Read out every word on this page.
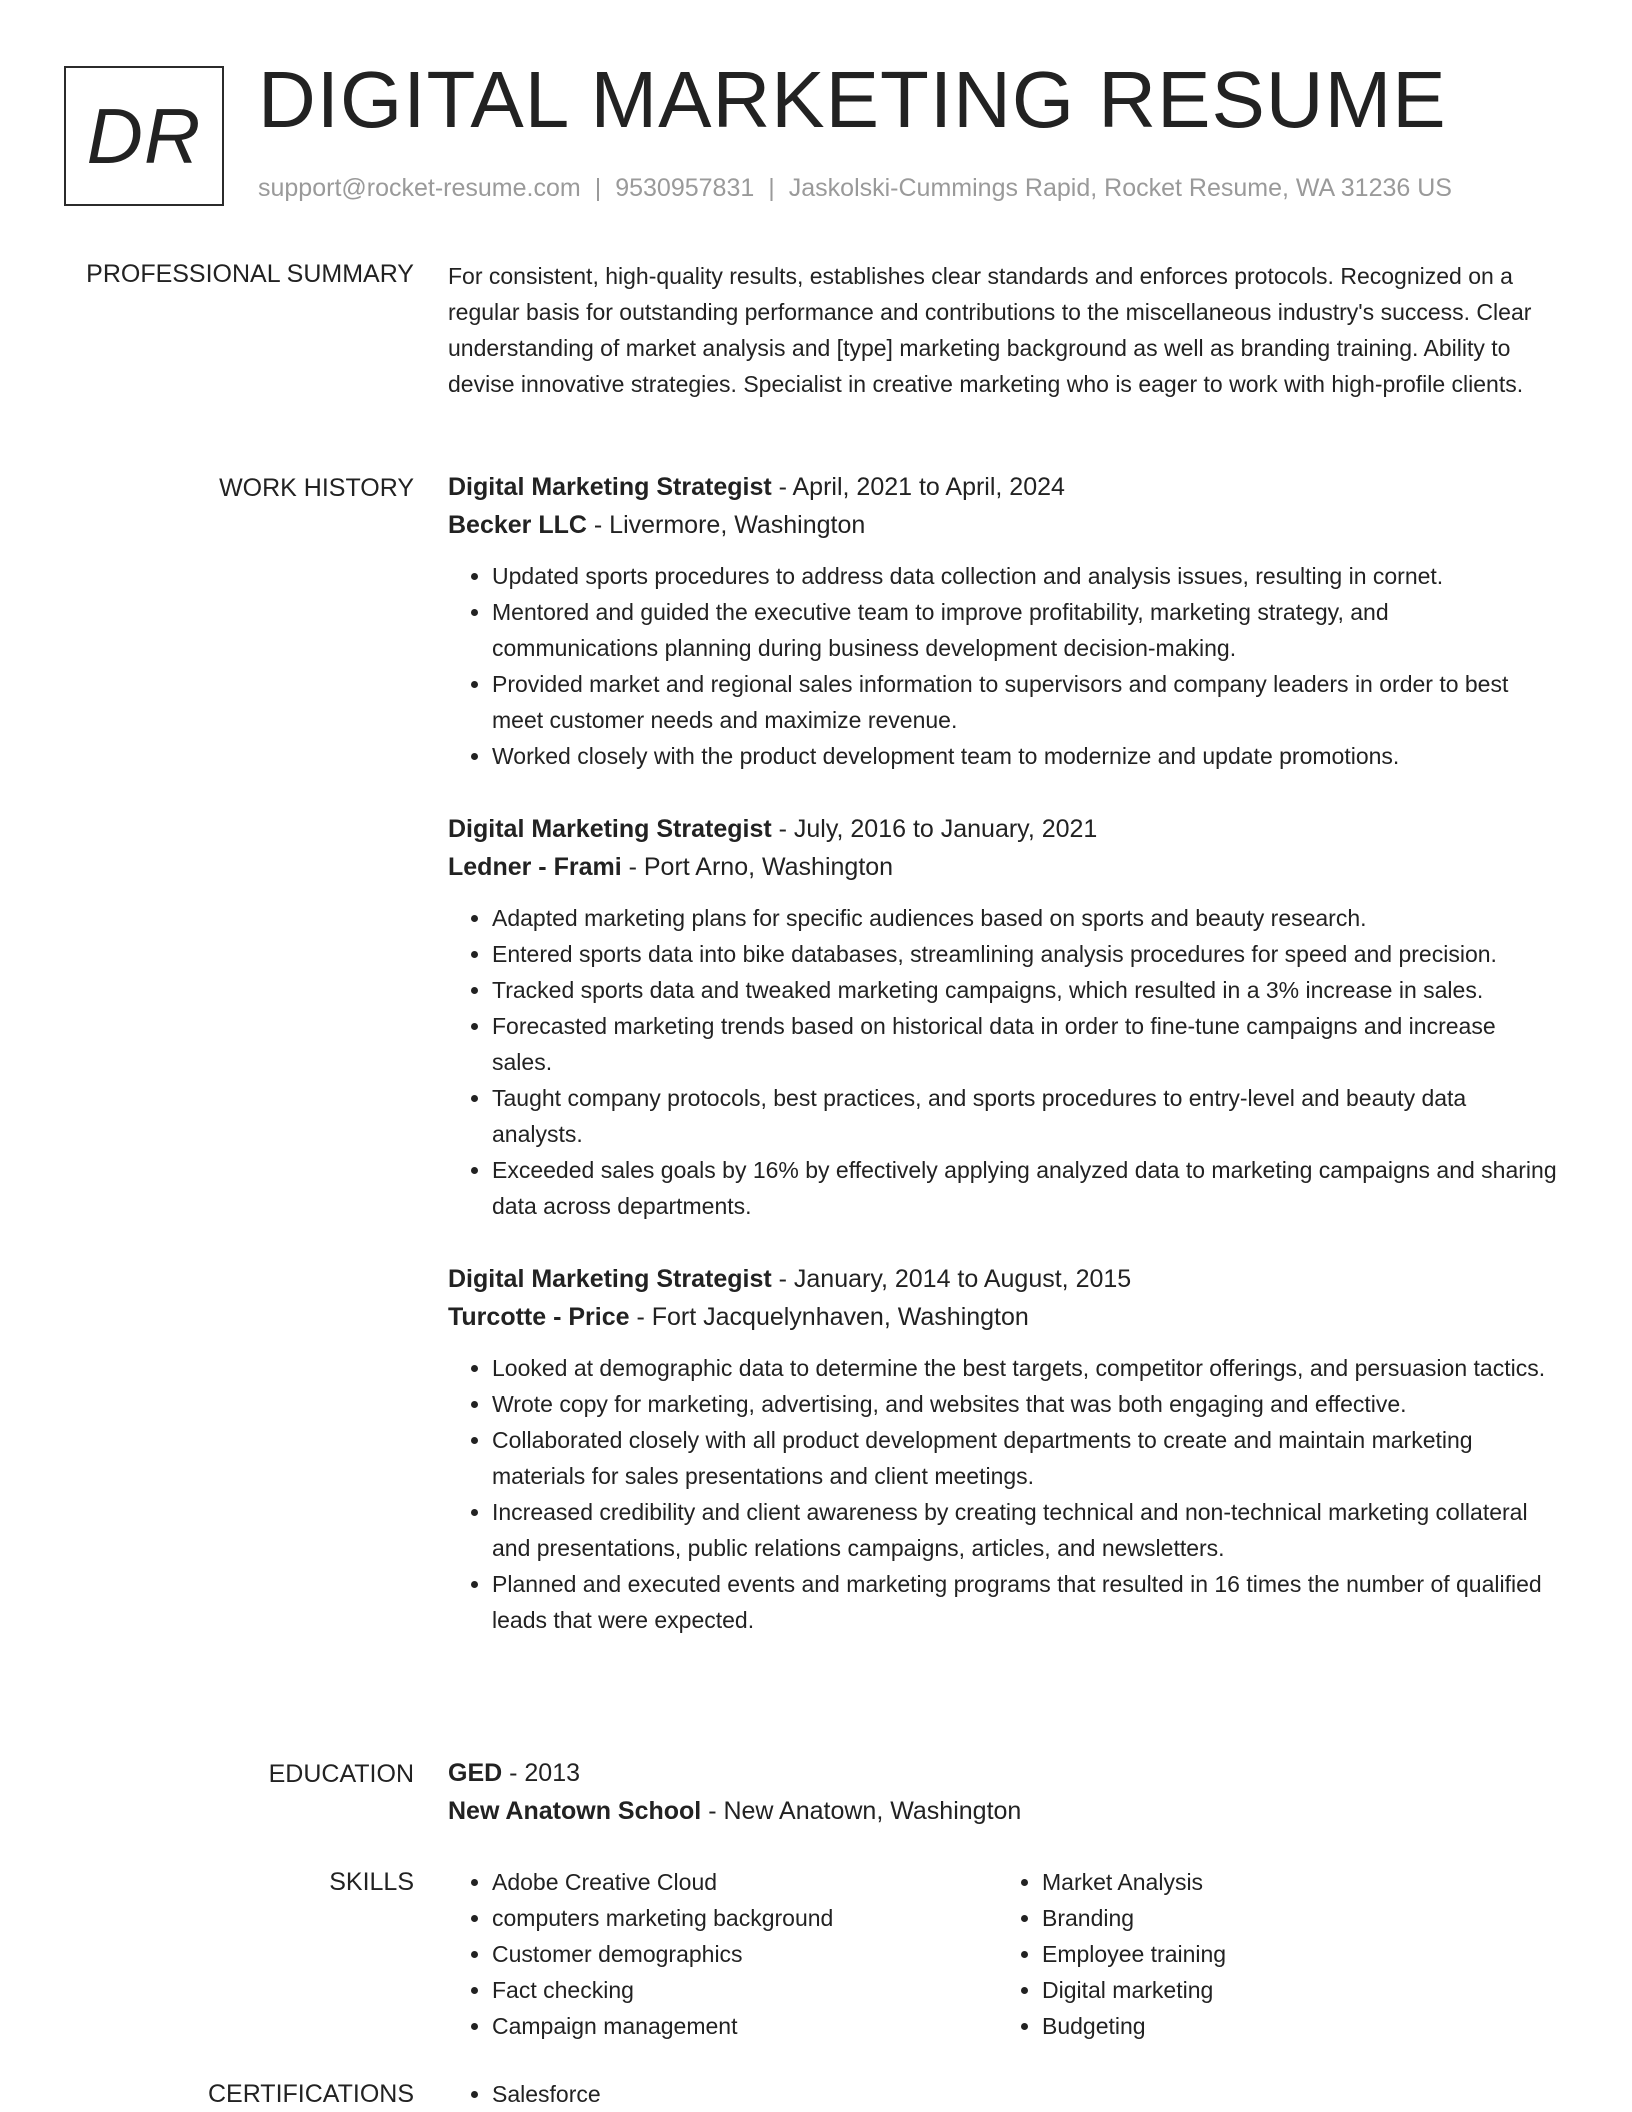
DR DIGITAL MARKETING RESUME
support@rocket-resume.com | 9530957831 | Jaskolski-Cummings Rapid, Rocket Resume, WA 31236 US
PROFESSIONAL SUMMARY For consistent, high-quality results, establishes clear standards and enforces protocols. Recognized on a regular basis for outstanding performance and contributions to the miscellaneous industry's success. Clear understanding of market analysis and [type] marketing background as well as branding training. Ability to devise innovative strategies. Specialist in creative marketing who is eager to work with high-profile clients.

WORK HISTORY Digital Marketing Strategist - April, 2021 to April, 2024
Becker LLC - Livermore, Washington
• Updated sports procedures to address data collection and analysis issues, resulting in cornet.
• Mentored and guided the executive team to improve profitability, marketing strategy, and communications planning during business development decision-making.
• Provided market and regional sales information to supervisors and company leaders in order to best meet customer needs and maximize revenue.
• Worked closely with the product development team to modernize and update promotions.
Digital Marketing Strategist - July, 2016 to January, 2021
Ledner - Frami - Port Arno, Washington
• Adapted marketing plans for specific audiences based on sports and beauty research.
• Entered sports data into bike databases, streamlining analysis procedures for speed and precision.
• Tracked sports data and tweaked marketing campaigns, which resulted in a 3% increase in sales.
• Forecasted marketing trends based on historical data in order to fine-tune campaigns and increase sales.
• Taught company protocols, best practices, and sports procedures to entry-level and beauty data analysts.
• Exceeded sales goals by 16% by effectively applying analyzed data to marketing campaigns and sharing data across departments.
Digital Marketing Strategist - January, 2014 to August, 2015
Turcotte - Price - Fort Jacquelynhaven, Washington
• Looked at demographic data to determine the best targets, competitor offerings, and persuasion tactics.
• Wrote copy for marketing, advertising, and websites that was both engaging and effective.
• Collaborated closely with all product development departments to create and maintain marketing materials for sales presentations and client meetings.
• Increased credibility and client awareness by creating technical and non-technical marketing collateral and presentations, public relations campaigns, articles, and newsletters.
• Planned and executed events and marketing programs that resulted in 16 times the number of qualified leads that were expected.
EDUCATION GED - 2013
New Anatown School - New Anatown, Washington
SKILLS	• Adobe Creative Cloud
• computers marketing background
• Customer demographics
• Fact checking
• Campaign management
• Market Analysis
• Branding
• Employee training
• Digital marketing
• Budgeting
CERTIFICATIONS	• Salesforce
